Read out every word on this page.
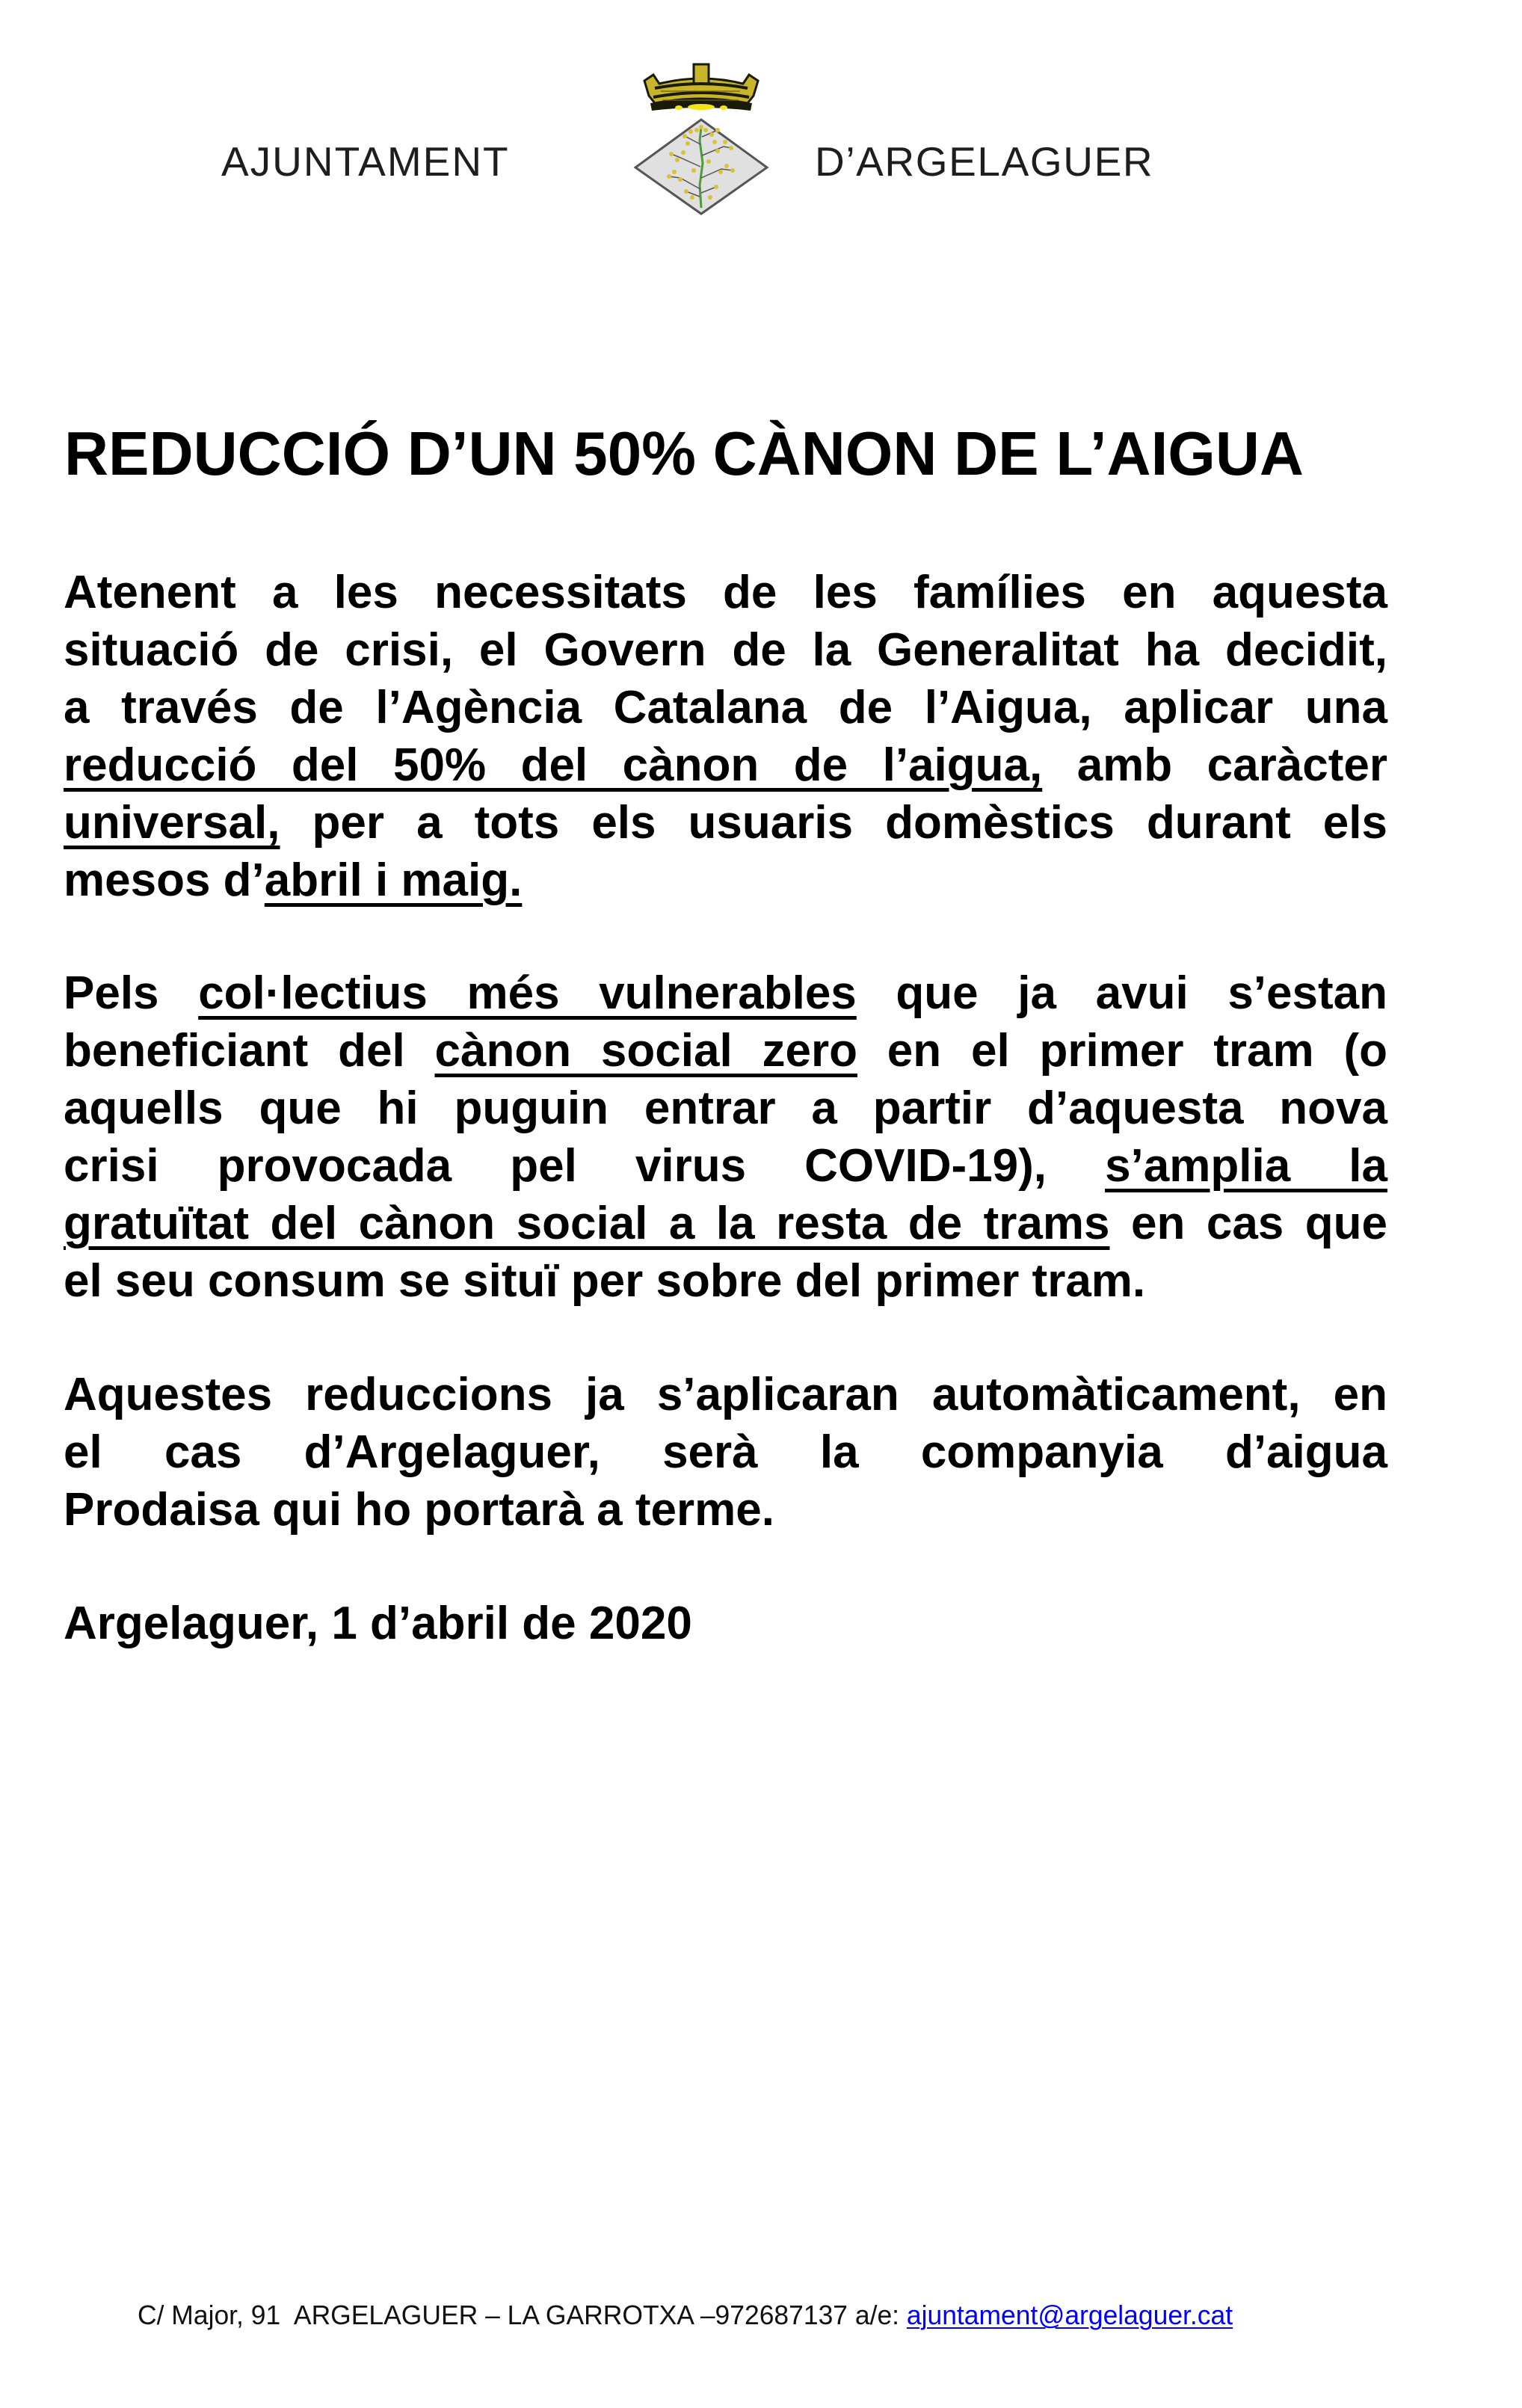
AJUNTAMENT	D’ARGELAGUER
REDUCCIÓ D’UN 50% CÀNON DE L’AIGUA
Atenent a les necessitats de les famílies en aquesta
situació de crisi, el Govern de la Generalitat ha decidit,
a través de l’Agència Catalana de l’Aigua, aplicar una
reducció del 50% del cànon de l’aigua, amb caràcter
universal, per a tots els usuaris domèstics durant els
mesos d’abril i maig.
Pels col·lectius més vulnerables que ja avui s’estan
beneficiant del cànon social zero en el primer tram (o
aquells que hi puguin entrar a partir d’aquesta nova
crisi provocada pel virus COVID-19), s’amplia la
gratuïtat del cànon social a la resta de trams en cas que
el seu consum se situï per sobre del primer tram.
Aquestes reduccions ja s’aplicaran automàticament, en
el cas d’Argelaguer, serà la companyia d’aigua
Prodaisa qui ho portarà a terme.
Argelaguer, 1 d’abril de 2020
C/ Major, 91  ARGELAGUER – LA GARROTXA –972687137 a/e: ajuntament@argelaguer.cat
